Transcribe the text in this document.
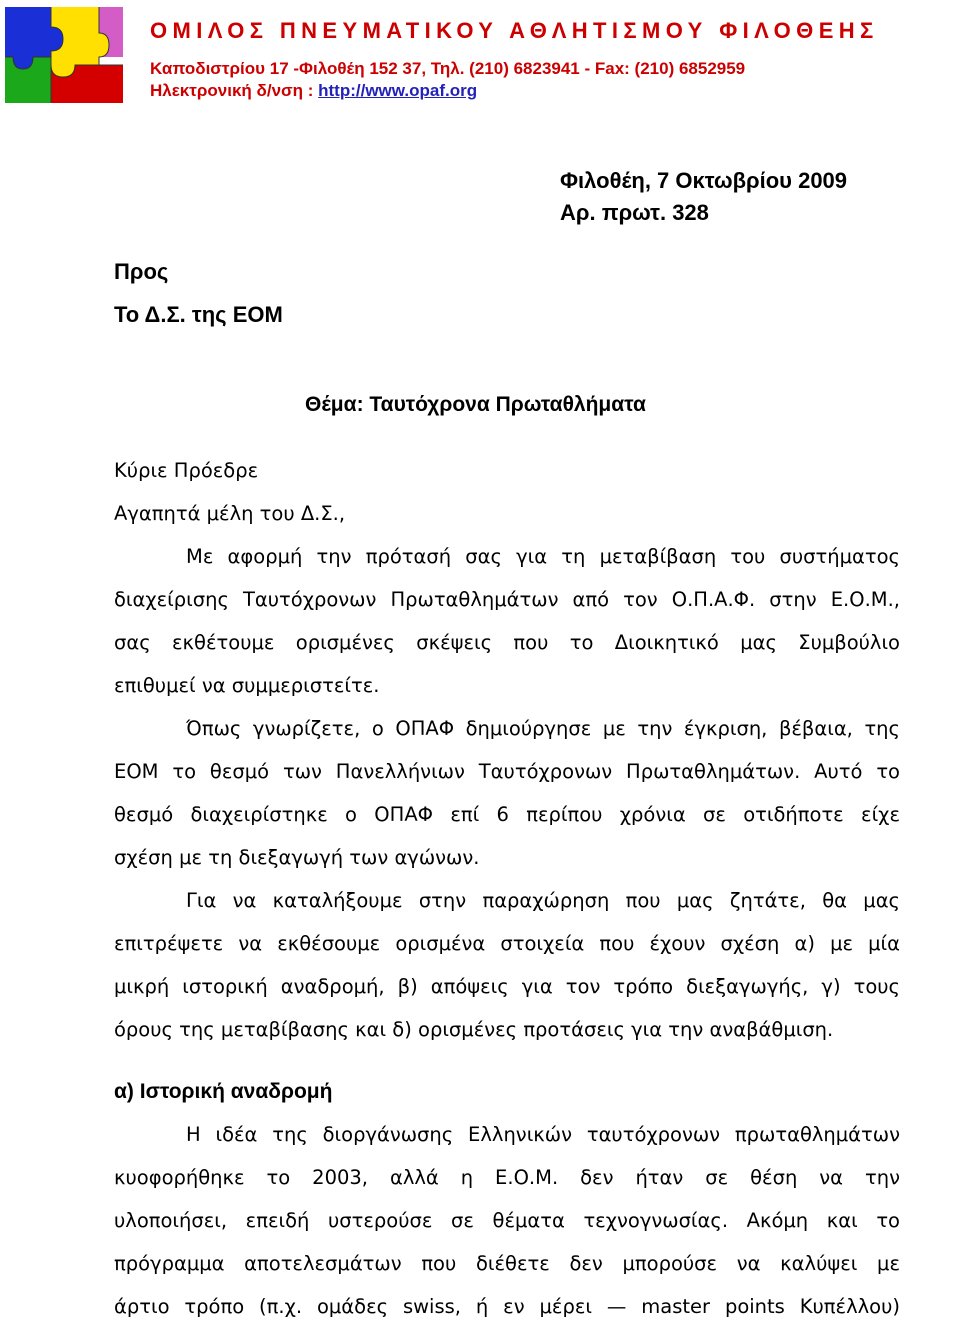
ΟΜΙΛΟΣ ΠΝΕΥΜΑΤΙΚΟΥ ΑΘΛΗΤΙΣΜΟΥ ΦΙΛΟΘΕΗΣ
Καποδιστρίου 17 -Φιλοθέη 152 37, Τηλ. (210) 6823941 - Fax: (210) 6852959
Ηλεκτρονική δ/νση : http://www.opaf.org
Φιλοθέη, 7 Οκτωβρίου 2009
Αρ. πρωτ. 328
Προς
Το Δ.Σ. της ΕΟΜ
Θέμα: Ταυτόχρονα Πρωταθλήματα

Κύριε Πρόεδρε

Αγαπητά μέλη του Δ.Σ.,

Με αφορμή την πρότασή σας για τη μεταβίβαση του συστήματος

διαχείρισης Ταυτόχρονων Πρωταθλημάτων από τον Ο.Π.Α.Φ. στην Ε.Ο.Μ.,

σας εκθέτουμε ορισμένες σκέψεις που το Διοικητικό μας Συμβούλιο

επιθυμεί να συμμεριστείτε.

Όπως γνωρίζετε, ο ΟΠΑΦ δημιούργησε με την έγκριση, βέβαια, της

ΕΟΜ το θεσμό των Πανελλήνιων Ταυτόχρονων Πρωταθλημάτων. Αυτό το

θεσμό διαχειρίστηκε ο ΟΠΑΦ επί 6 περίπου χρόνια σε οτιδήποτε είχε

σχέση με τη διεξαγωγή των αγώνων.

Για να καταλήξουμε στην παραχώρηση που μας ζητάτε, θα μας

επιτρέψετε να εκθέσουμε ορισμένα στοιχεία που έχουν σχέση α) με μία

μικρή ιστορική αναδρομή, β) απόψεις για τον τρόπο διεξαγωγής, γ) τους

όρους της μεταβίβασης και δ) ορισμένες προτάσεις για την αναβάθμιση.

α) Ιστορική αναδρομή

Η ιδέα της διοργάνωσης Ελληνικών ταυτόχρονων πρωταθλημάτων

κυοφορήθηκε το 2003, αλλά η Ε.Ο.Μ. δεν ήταν σε θέση να την

υλοποιήσει, επειδή υστερούσε σε θέματα τεχνογνωσίας. Ακόμη και το

πρόγραμμα αποτελεσμάτων που διέθετε δεν μπορούσε να καλύψει με

άρτιο τρόπο (π.χ. ομάδες swiss, ή εν μέρει — master points Κυπέλλου)
